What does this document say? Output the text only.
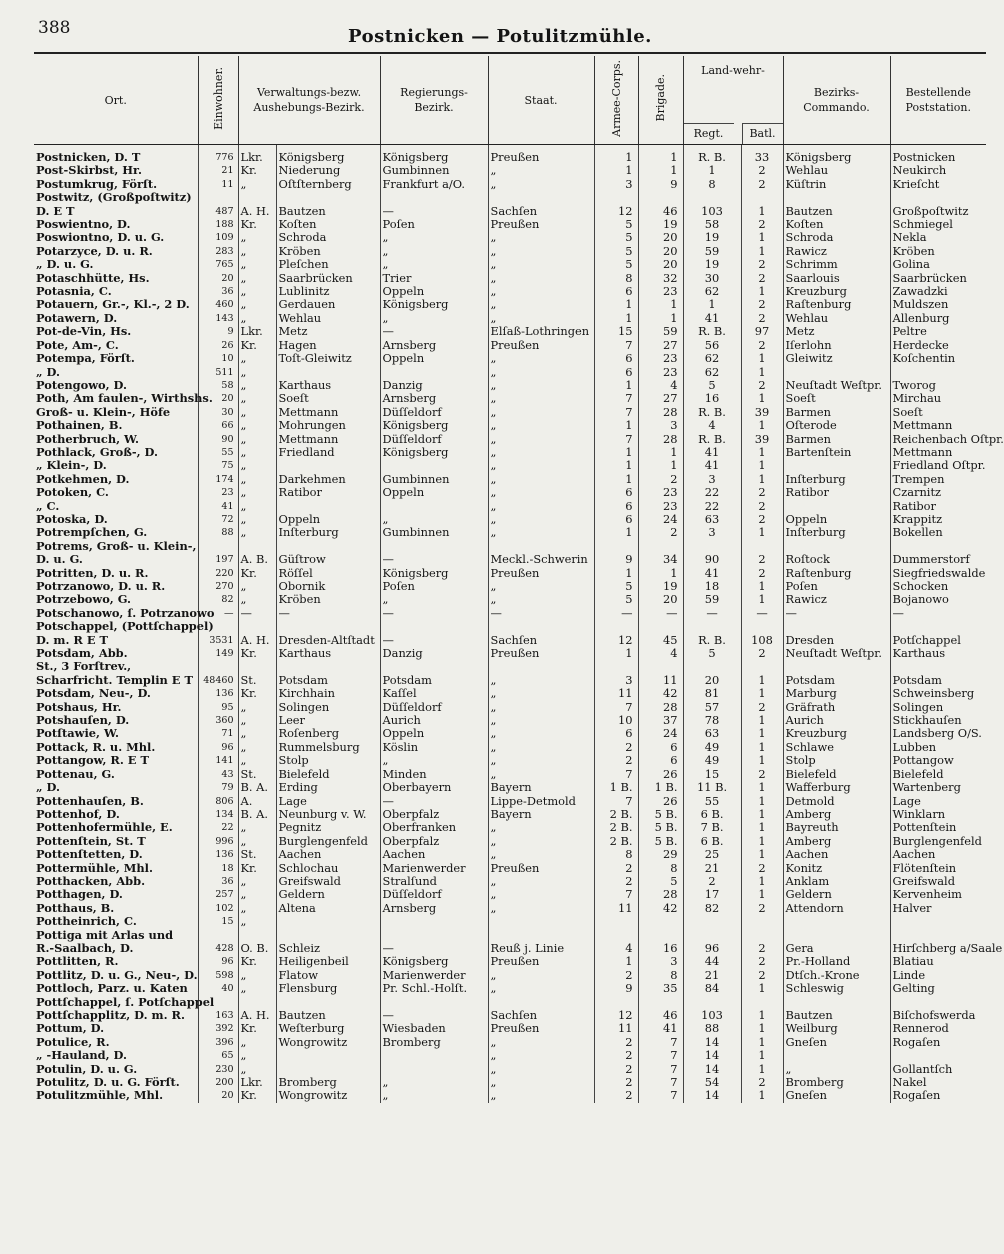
388	Postnicken — Potulitzmühle.
Ort.	Einwohner.	Verwaltungs-bezw. Aushebungs-Bezirk.		Regierungs-Bezirk.	Staat.	Armee-Corps.	Brigade.	Land-wehr-
Regt. Batl.		Bezirks-Commando.	Bestellende Poststation.
Postnicken, D. T	776	Lkr.	Königsberg	Königsberg	Preußen	1	1	R. B.	33	Königsberg	Postnicken
Post-Skirbst, Hr.	21	Kr.	Niederung	Gumbinnen	„	1	1	1	2	Wehlau	Neukirch
Postumkrug, Förſt.	11	„	Oſtſternberg	Frankfurt a/O.	„	3	9	8	2	Küſtrin	Krieſcht
Postwitz, (Großpoſtwitz)											
D. E T	487	A. H.	Bautzen	—	Sachſen	12	46	103	1	Bautzen	Großpoſtwitz
Poswientno, D.	188	Kr.	Koſten	Poſen	Preußen	5	19	58	2	Koſten	Schmiegel
Poswiontno, D. u. G.	109	„	Schroda	„	„	5	20	19	1	Schroda	Nekla
Potarzyce, D. u. R.	283	„	Kröben	„	„	5	20	59	1	Rawicz	Kröben
„ D. u. G.	765	„	Pleſchen	„	„	5	20	19	2	Schrimm	Golina
Potaschhütte, Hs.	20	„	Saarbrücken	Trier	„	8	32	30	2	Saarlouis	Saarbrücken
Potasnia, C.	36	„	Lublinitz	Oppeln	„	6	23	62	1	Kreuzburg	Zawadzki
Potauern, Gr.-, Kl.-, 2 D.	460	„	Gerdauen	Königsberg	„	1	1	1	2	Raſtenburg	Muldszen
Potawern, D.	143	„	Wehlau	„	„	1	1	41	2	Wehlau	Allenburg
Pot-de-Vin, Hs.	9	Lkr.	Metz	—	Elſaß-Lothringen	15	59	R. B.	97	Metz	Peltre
Pote, Am-, C.	26	Kr.	Hagen	Arnsberg	Preußen	7	27	56	2	Iſerlohn	Herdecke
Potempa, Förſt.	10	„	Toſt-Gleiwitz	Oppeln	„	6	23	62	1	Gleiwitz	Koſchentin
„ D.	511	„			„	6	23	62	1		
Potengowo, D.	58	„	Karthaus	Danzig	„	1	4	5	2	Neuſtadt Weſtpr.	Tworog
Poth, Am faulen-, Wirthshs.	20	„	Soeſt	Arnsberg	„	7	27	16	1	Soeſt	Mirchau
Groß- u. Klein-, Höfe	30	„	Mettmann	Düſſeldorf	„	7	28	R. B.	39	Barmen	Soeſt
Pothainen, B.	66	„	Mohrungen	Königsberg	„	1	3	4	1	Oſterode	Mettmann
Potherbruch, W.	90	„	Mettmann	Düſſeldorf	„	7	28	R. B.	39	Barmen	Reichenbach Oſtpr.
Pothlack, Groß-, D.	55	„	Friedland	Königsberg	„	1	1	41	1	Bartenſtein	Mettmann
„ Klein-, D.	75	„			„	1	1	41	1		Friedland Oſtpr.
Potkehmen, D.	174	„	Darkehmen	Gumbinnen	„	1	2	3	1	Inſterburg	Trempen
Potoken, C.	23	„	Ratibor	Oppeln	„	6	23	22	2	Ratibor	Czarnitz
„ C.	41	„			„	6	23	22	2		Ratibor
Potoska, D.	72	„	Oppeln	„	„	6	24	63	2	Oppeln	Krappitz
Potrempſchen, G.	88	„	Inſterburg	Gumbinnen	„	1	2	3	1	Inſterburg	Bokellen
Potrems, Groß- u. Klein-,											
D. u. G.	197	A. B.	Güſtrow	—	Meckl.-Schwerin	9	34	90	2	Roſtock	Dummerstorf
Potritten, D. u. R.	220	Kr.	Röſſel	Königsberg	Preußen	1	1	41	2	Raſtenburg	Siegfriedswalde
Potrzanowo, D. u. R.	270	„	Obornik	Poſen	„	5	19	18	1	Poſen	Schocken
Potrzebowo, G.	82	„	Kröben	„	„	5	20	59	1	Rawicz	Bojanowo
Potschanowo, ſ. Potrzanowo	—	—	—	—	—	—	—	—	—	—	—
Potschappel, (Pottſchappel)											
D. m. R E T	3531	A. H.	Dresden-Altſtadt	—	Sachſen	12	45	R. B.	108	Dresden	Potſchappel
Potsdam, Abb.	149	Kr.	Karthaus	Danzig	Preußen	1	4	5	2	Neuſtadt Weſtpr.	Karthaus
St., 3 Forſtrev.,											
Scharfricht. Templin E T	48460	St.	Potsdam	Potsdam	„	3	11	20	1	Potsdam	Potsdam
Potsdam, Neu-, D.	136	Kr.	Kirchhain	Kaſſel	„	11	42	81	1	Marburg	Schweinsberg
Potshaus, Hr.	95	„	Solingen	Düſſeldorf	„	7	28	57	2	Gräfrath	Solingen
Potshauſen, D.	360	„	Leer	Aurich	„	10	37	78	1	Aurich	Stickhauſen
Potſtawie, W.	71	„	Roſenberg	Oppeln	„	6	24	63	1	Kreuzburg	Landsberg O/S.
Pottack, R. u. Mhl.	96	„	Rummelsburg	Köslin	„	2	6	49	1	Schlawe	Lubben
Pottangow, R. E T	141	„	Stolp	„	„	2	6	49	1	Stolp	Pottangow
Pottenau, G.	43	St.	Bielefeld	Minden	„	7	26	15	2	Bielefeld	Bielefeld
„ D.	79	B. A.	Erding	Oberbayern	Bayern	1 B.	1 B.	11 B.	1	Wafferburg	Wartenberg
Pottenhauſen, B.	806	A.	Lage	—	Lippe-Detmold	7	26	55	1	Detmold	Lage
Pottenhof, D.	134	B. A.	Neunburg v. W.	Oberpfalz	Bayern	2 B.	5 B.	6 B.	1	Amberg	Winklarn
Pottenhofermühle, E.	22	„	Pegnitz	Oberfranken	„	2 B.	5 B.	7 B.	1	Bayreuth	Pottenſtein
Pottenſtein, St. T	996	„	Burglengenfeld	Oberpfalz	„	2 B.	5 B.	6 B.	1	Amberg	Burglengenfeld
Pottenſtetten, D.	136	St.	Aachen	Aachen	„	8	29	25	1	Aachen	Aachen
Pottermühle, Mhl.	18	Kr.	Schlochau	Marienwerder	Preußen	2	8	21	2	Konitz	Flötenſtein
Potthacken, Abb.	36	„	Greifswald	Stralſund	„	2	5	2	1	Anklam	Greifswald
Potthagen, D.	257	„	Geldern	Düſſeldorf	„	7	28	17	1	Geldern	Kervenheim
Potthaus, B.	102	„	Altena	Arnsberg	„	11	42	82	2	Attendorn	Halver
Pottheinrich, C.	15	„									
Pottiga mit Arlas und											
R.-Saalbach, D.	428	O. B.	Schleiz	—	Reuß j. Linie	4	16	96	2	Gera	Hirſchberg a/Saale
Pottlitten, R.	96	Kr.	Heiligenbeil	Königsberg	Preußen	1	3	44	2	Pr.-Holland	Blatiau
Pottlitz, D. u. G., Neu-, D.	598	„	Flatow	Marienwerder	„	2	8	21	2	Dtſch.-Krone	Linde
Pottloch, Parz. u. Katen	40	„	Flensburg	Pr. Schl.-Holſt.	„	9	35	84	1	Schleswig	Gelting
Pottſchappel, ſ. Potſchappel											
Pottſchapplitz, D. m. R.	163	A. H.	Bautzen	—	Sachſen	12	46	103	1	Bautzen	Biſchofswerda
Pottum, D.	392	Kr.	Weſterburg	Wiesbaden	Preußen	11	41	88	1	Weilburg	Rennerod
Potulice, R.	396	„	Wongrowitz	Bromberg	„	2	7	14	1	Gneſen	Rogaſen
„ -Hauland, D.	65	„			„	2	7	14	1		
Potulin, D. u. G.	230	„			„	2	7	14	1	„	Gollantſch
Potulitz, D. u. G. Förſt.	200	Lkr.	Bromberg	„	„	2	7	54	2	Bromberg	Nakel
Potulitzmühle, Mhl.	20	Kr.	Wongrowitz	„	„	2	7	14	1	Gneſen	Rogaſen
